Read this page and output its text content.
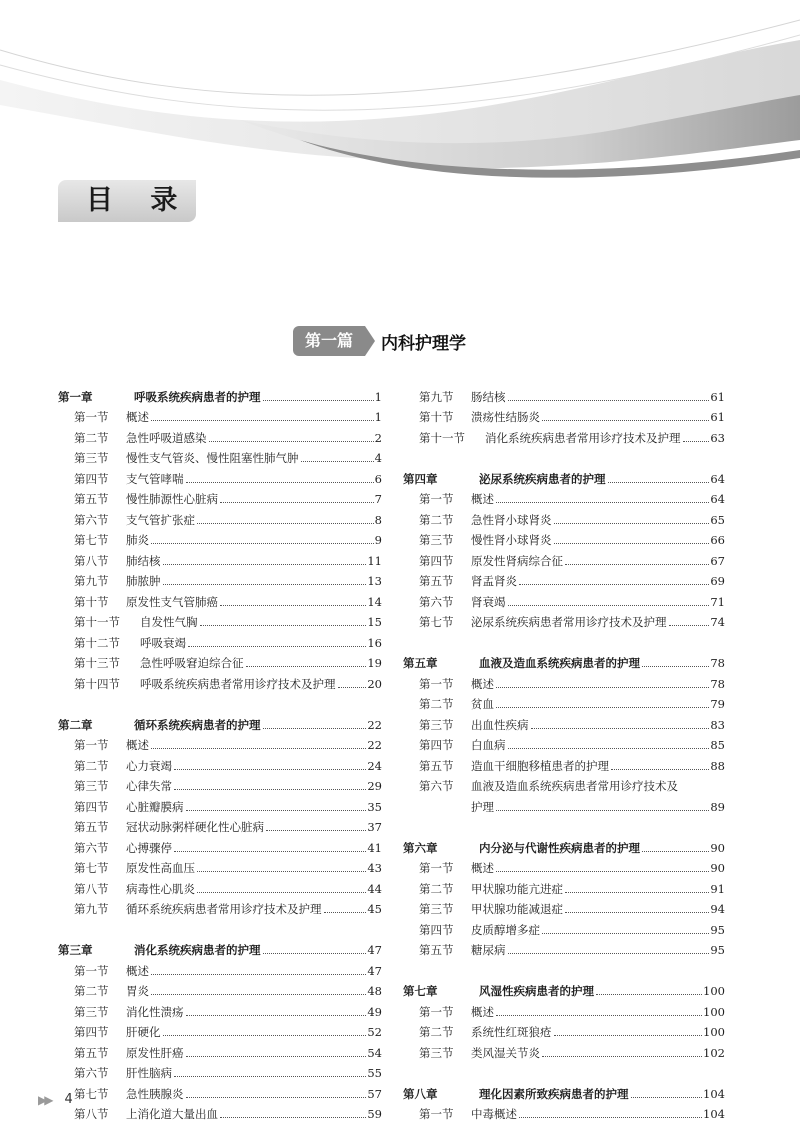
目 录
第一篇	内科护理学
第一章	呼吸系统疾病患者的护理	1
第一节	概述	1
第二节	急性呼吸道感染	2
第三节	慢性支气管炎、慢性阻塞性肺气肿	4
第四节	支气管哮喘	6
第五节	慢性肺源性心脏病	7
第六节	支气管扩张症	8
第七节	肺炎	9
第八节	肺结核	11
第九节	肺脓肿	13
第十节	原发性支气管肺癌	14
第十一节	自发性气胸	15
第十二节	呼吸衰竭	16
第十三节	急性呼吸窘迫综合征	19
第十四节	呼吸系统疾病患者常用诊疗技术及护理	20
第二章	循环系统疾病患者的护理	22
第一节	概述	22
第二节	心力衰竭	24
第三节	心律失常	29
第四节	心脏瓣膜病	35
第五节	冠状动脉粥样硬化性心脏病	37
第六节	心搏骤停	41
第七节	原发性高血压	43
第八节	病毒性心肌炎	44
第九节	循环系统疾病患者常用诊疗技术及护理	45
第三章	消化系统疾病患者的护理	47
第一节	概述	47
第二节	胃炎	48
第三节	消化性溃疡	49
第四节	肝硬化	52
第五节	原发性肝癌	54
第六节	肝性脑病	55
第七节	急性胰腺炎	57
第八节	上消化道大量出血	59
第九节	肠结核	61
第十节	溃疡性结肠炎	61
第十一节	消化系统疾病患者常用诊疗技术及护理	63
第四章	泌尿系统疾病患者的护理	64
第一节	概述	64
第二节	急性肾小球肾炎	65
第三节	慢性肾小球肾炎	66
第四节	原发性肾病综合征	67
第五节	肾盂肾炎	69
第六节	肾衰竭	71
第七节	泌尿系统疾病患者常用诊疗技术及护理	74
第五章	血液及造血系统疾病患者的护理	78
第一节	概述	78
第二节	贫血	79
第三节	出血性疾病	83
第四节	白血病	85
第五节	造血干细胞移植患者的护理	88
第六节	血液及造血系统疾病患者常用诊疗技术及
护理	89
第六章	内分泌与代谢性疾病患者的护理	90
第一节	概述	90
第二节	甲状腺功能亢进症	91
第三节	甲状腺功能减退症	94
第四节	皮质醇增多症	95
第五节	糖尿病	95
第七章	风湿性疾病患者的护理	100
第一节	概述	100
第二节	系统性红斑狼疮	100
第三节	类风湿关节炎	102
第八章	理化因素所致疾病患者的护理	104
第一节	中毒概述	104
▶▶ 4
